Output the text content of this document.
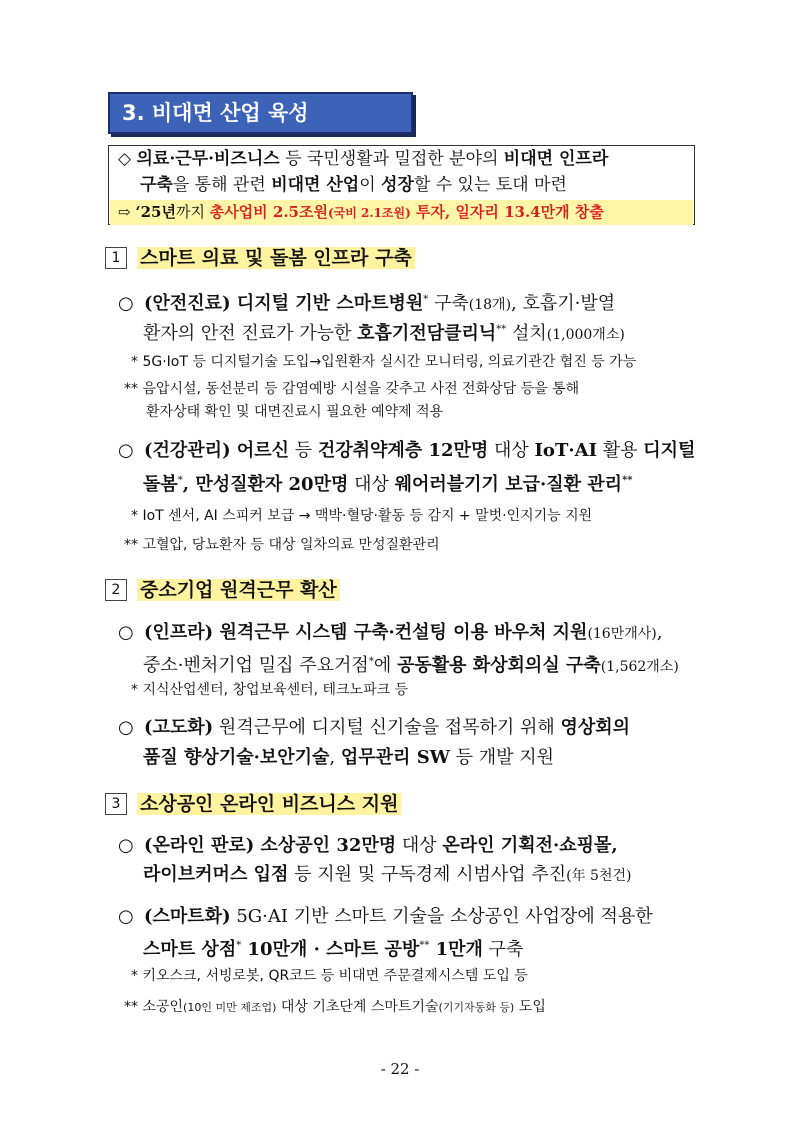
3. 비대면 산업 육성
◇ 의료·근무·비즈니스 등 국민생활과 밀접한 분야의 비대면 인프라
구축을 통해 관련 비대면 산업이 성장할 수 있는 토대 마련
⇨ ‘25년까지 총사업비 2.5조원(국비 2.1조원) 투자, 일자리 13.4만개 창출
1 스마트 의료 및 돌봄 인프라 구축
○ (안전진료) 디지털 기반 스마트병원* 구축(18개), 호흡기·발열
환자의 안전 진료가 가능한 호흡기전담클리닉** 설치(1,000개소)
* 5G·IoT 등 디지털기술 도입→입원환자 실시간 모니터링, 의료기관간 협진 등 가능
** 음압시설, 동선분리 등 감염예방 시설을 갖추고 사전 전화상담 등을 통해
환자상태 확인 및 대면진료시 필요한 예약제 적용
○ (건강관리) 어르신 등 건강취약계층 12만명 대상 IoT·AI 활용 디지털
돌봄*, 만성질환자 20만명 대상 웨어러블기기 보급·질환 관리**
* IoT 센서, AI 스피커 보급 → 맥박·혈당·활동 등 감지 + 말벗·인지기능 지원
** 고혈압, 당뇨환자 등 대상 일차의료 만성질환관리
2 중소기업 원격근무 확산
○ (인프라) 원격근무 시스템 구축·컨설팅 이용 바우처 지원(16만개사),
중소·벤처기업 밀집 주요거점*에 공동활용 화상회의실 구축(1,562개소)
* 지식산업센터, 창업보육센터, 테크노파크 등
○ (고도화) 원격근무에 디지털 신기술을 접목하기 위해 영상회의
품질 향상기술·보안기술, 업무관리 SW 등 개발 지원
3 소상공인 온라인 비즈니스 지원
○ (온라인 판로) 소상공인 32만명 대상 온라인 기획전·쇼핑몰,
라이브커머스 입점 등 지원 및 구독경제 시범사업 추진(年 5천건)
○ (스마트화) 5G·AI 기반 스마트 기술을 소상공인 사업장에 적용한
스마트 상점* 10만개 · 스마트 공방** 1만개 구축
* 키오스크, 서빙로봇, QR코드 등 비대면 주문결제시스템 도입 등
** 소공인(10인 미만 제조업) 대상 기초단계 스마트기술(기기자동화 등) 도입
- 22 -
